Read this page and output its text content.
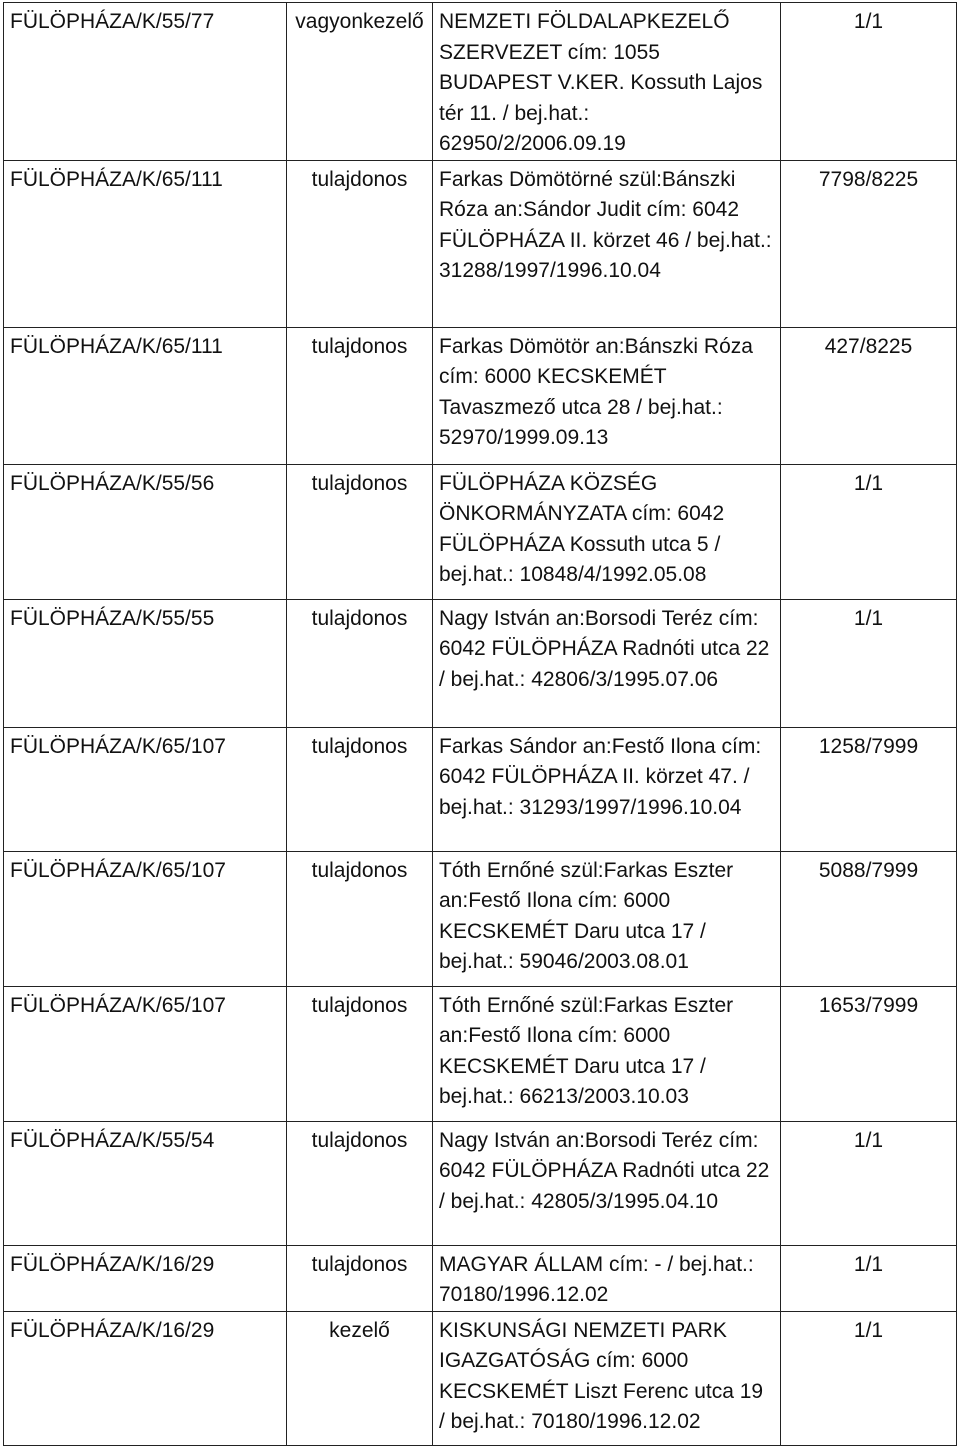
FÜLÖPHÁZA/K/55/77	vagyonkezelő	NEMZETI FÖLDALAPKEZELŐ SZERVEZET cím: 1055 BUDAPEST V.KER. Kossuth Lajos tér 11. / bej.hat.: 62950/2/2006.09.19	1/1
FÜLÖPHÁZA/K/65/111	tulajdonos	Farkas Dömötörné szül:Bánszki Róza an:Sándor Judit cím: 6042 FÜLÖPHÁZA II. körzet 46 / bej.hat.: 31288/1997/1996.10.04	7798/8225
FÜLÖPHÁZA/K/65/111	tulajdonos	Farkas Dömötör an:Bánszki Róza cím: 6000 KECSKEMÉT Tavaszmező utca 28 / bej.hat.: 52970/1999.09.13	427/8225
FÜLÖPHÁZA/K/55/56	tulajdonos	FÜLÖPHÁZA KÖZSÉG ÖNKORMÁNYZATA cím: 6042 FÜLÖPHÁZA Kossuth utca 5 / bej.hat.: 10848/4/1992.05.08	1/1
FÜLÖPHÁZA/K/55/55	tulajdonos	Nagy István an:Borsodi Teréz cím: 6042 FÜLÖPHÁZA Radnóti utca 22 / bej.hat.: 42806/3/1995.07.06	1/1
FÜLÖPHÁZA/K/65/107	tulajdonos	Farkas Sándor an:Festő Ilona cím: 6042 FÜLÖPHÁZA II. körzet 47. / bej.hat.: 31293/1997/1996.10.04	1258/7999
FÜLÖPHÁZA/K/65/107	tulajdonos	Tóth Ernőné szül:Farkas Eszter an:Festő Ilona cím: 6000 KECSKEMÉT Daru utca 17 / bej.hat.: 59046/2003.08.01	5088/7999
FÜLÖPHÁZA/K/65/107	tulajdonos	Tóth Ernőné szül:Farkas Eszter an:Festő Ilona cím: 6000 KECSKEMÉT Daru utca 17 / bej.hat.: 66213/2003.10.03	1653/7999
FÜLÖPHÁZA/K/55/54	tulajdonos	Nagy István an:Borsodi Teréz cím: 6042 FÜLÖPHÁZA Radnóti utca 22 / bej.hat.: 42805/3/1995.04.10	1/1
FÜLÖPHÁZA/K/16/29	tulajdonos	MAGYAR ÁLLAM cím: - / bej.hat.: 70180/1996.12.02	1/1
FÜLÖPHÁZA/K/16/29	kezelő	KISKUNSÁGI NEMZETI PARK IGAZGATÓSÁG cím: 6000 KECSKEMÉT Liszt Ferenc utca 19 / bej.hat.: 70180/1996.12.02	1/1
